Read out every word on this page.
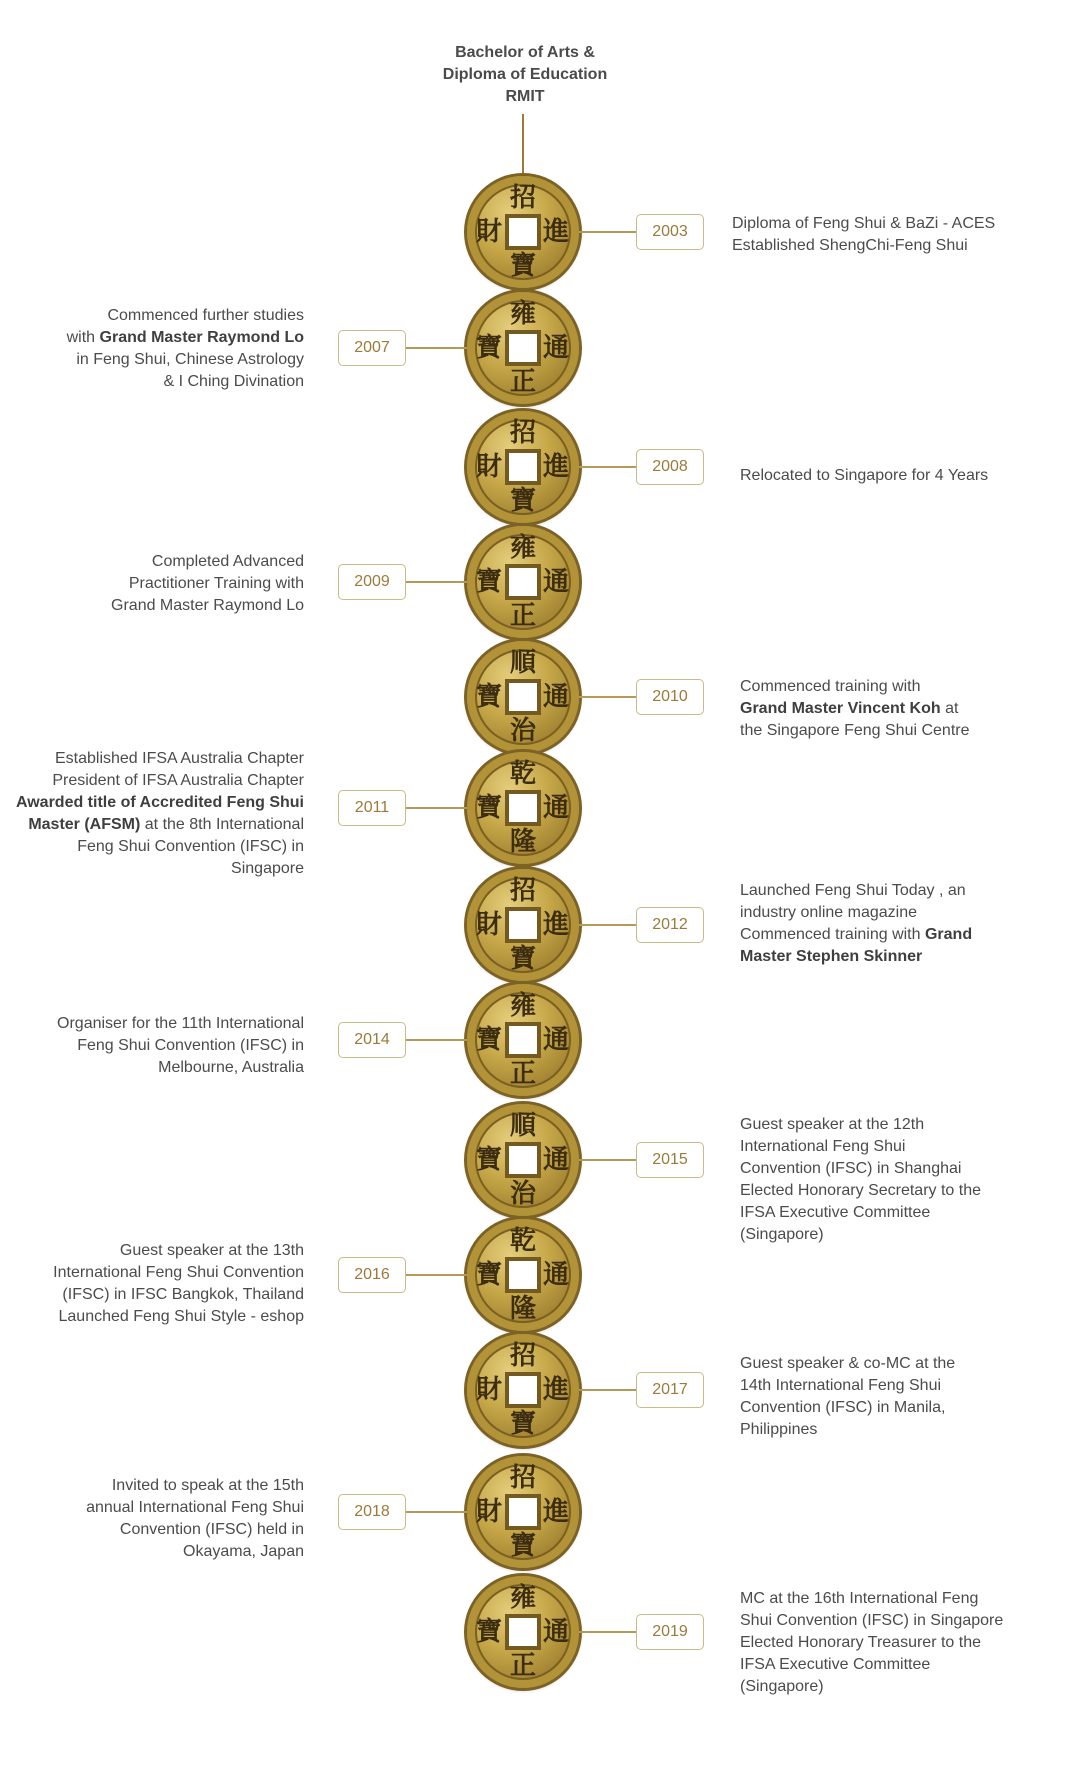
Bachelor of Arts &
Diploma of Education
RMIT
招
進
寶
財	2003	Diploma of Feng Shui & BaZi - ACES
Established ShengChi-Feng Shui
雍
通
正
寶
2007
Commenced further studies
with Grand Master Raymond Lo
in Feng Shui, Chinese Astrology
& I Ching Divination
招
進
寶
財	2008
Relocated to Singapore for 4 Years
雍
通
正
寶
2009
Completed Advanced
Practitioner Training with
Grand Master Raymond Lo
順
通
治
寶	2010
Commenced training with
Grand Master Vincent Koh at
the Singapore Feng Shui Centre
乾
通
隆
寶
2011
Established IFSA Australia Chapter
President of IFSA Australia Chapter
Awarded title of Accredited Feng Shui
Master (AFSM) at the 8th International
Feng Shui Convention (IFSC) in
Singapore
招
進
寶
財	2012
Launched Feng Shui Today , an
industry online magazine
Commenced training with Grand
Master Stephen Skinner
雍
通
正
寶
2014
Organiser for the 11th International
Feng Shui Convention (IFSC) in
Melbourne, Australia
順
通
治
寶	2015
Guest speaker at the 12th
International Feng Shui
Convention (IFSC) in Shanghai
Elected Honorary Secretary to the
IFSA Executive Committee
(Singapore)
乾
通
隆
寶
2016
Guest speaker at the 13th
International Feng Shui Convention
(IFSC) in IFSC Bangkok, Thailand
Launched Feng Shui Style - eshop
招
進
寶
財	2017
Guest speaker & co-MC at the
14th International Feng Shui
Convention (IFSC) in Manila,
Philippines
招
進
寶
財
2018
Invited to speak at the 15th
annual International Feng Shui
Convention (IFSC) held in
Okayama, Japan
雍
通
正
寶	2019
MC at the 16th International Feng
Shui Convention (IFSC) in Singapore
Elected Honorary Treasurer to the
IFSA Executive Committee
(Singapore)
